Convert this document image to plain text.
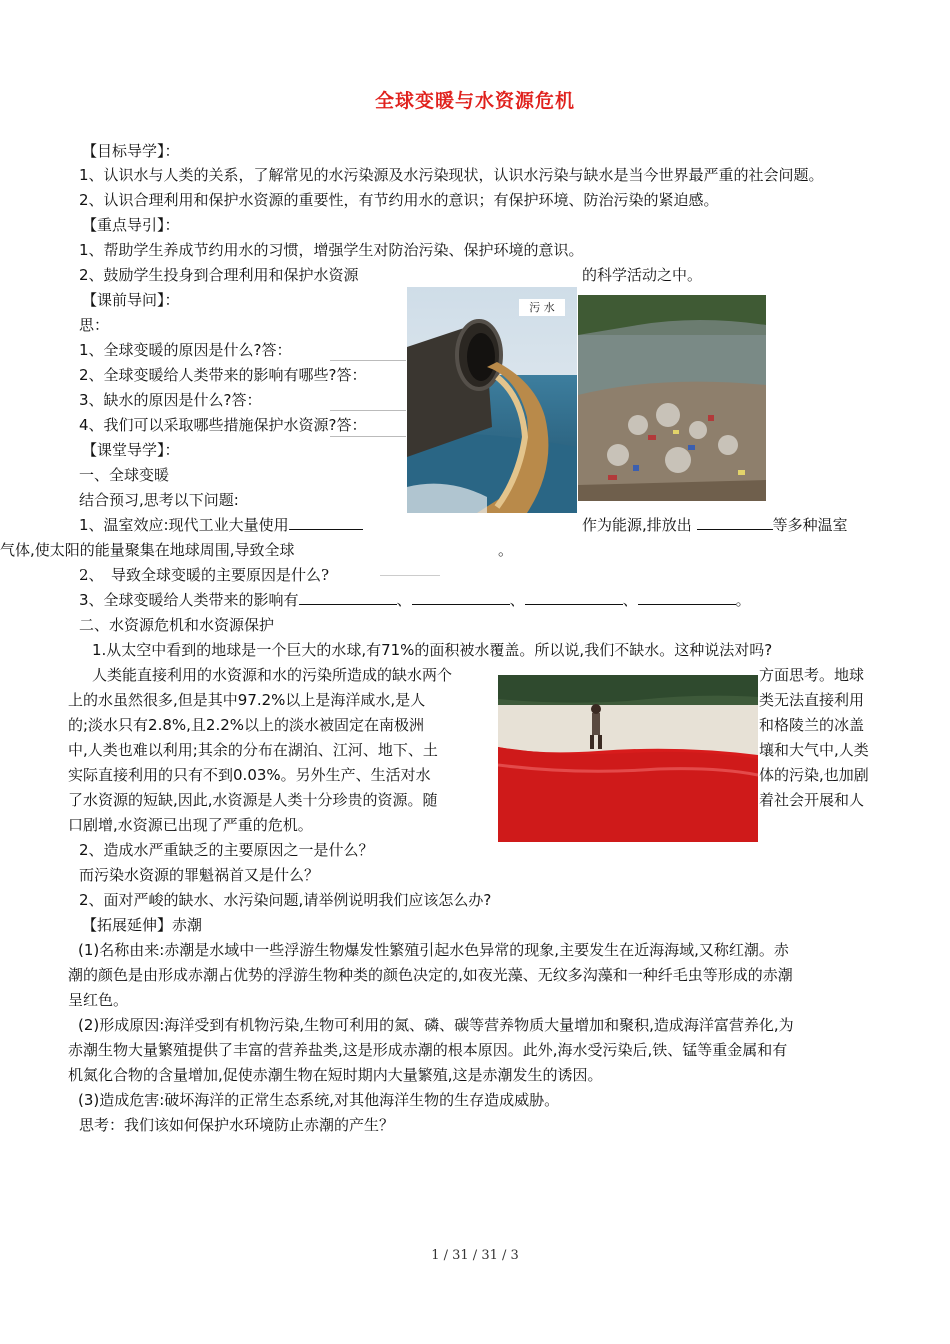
全球变暖与水资源危机
【目标导学】：
1、认识水与人类的关系，了解常见的水污染源及水污染现状，认识水污染与缺水是当今世界最严重的社会问题。
2、认识合理利用和保护水资源的重要性，有节约用水的意识；有保护环境、防治污染的紧迫感。
【重点导引】：
1、帮助学生养成节约用水的习惯，增强学生对防治污染、保护环境的意识。
2、鼓励学生投身到合理利用和保护水资源	的科学活动之中。
【课前导问】：
思：
1、全球变暖的原因是什么?答：
2、全球变暖给人类带来的影响有哪些?答：
3、缺水的原因是什么?答：
4、我们可以采取哪些措施保护水资源?答：
【课堂导学】：
一、全球变暖
结合预习,思考以下问题:
1、温室效应:现代工业大量使用	作为能源,排放出	等多种温室
气体,使太阳的能量聚集在地球周围,导致全球	。
2、　导致全球变暖的主要原因是什么?
3、全球变暖给人类带来的影响有	、	、	、	。
二、水资源危机和水资源保护
1.从太空中看到的地球是一个巨大的水球,有71%的面积被水覆盖。所以说,我们不缺水。这种说法对吗?
人类能直接利用的水资源和水的污染所造成的缺水两个	方面思考。地球
上的水虽然很多,但是其中97.2%以上是海洋咸水,是人	类无法直接利用
的;淡水只有2.8%,且2.2%以上的淡水被固定在南极洲	和格陵兰的冰盖
中,人类也难以利用;其余的分布在湖泊、江河、地下、土	壤和大气中,人类
实际直接利用的只有不到0.03%。另外生产、生活对水	体的污染,也加剧
了水资源的短缺,因此,水资源是人类十分珍贵的资源。随	着社会开展和人
口剧增,水资源已出现了严重的危机。
2、造成水严重缺乏的主要原因之一是什么？
而污染水资源的罪魁祸首又是什么？
2、面对严峻的缺水、水污染问题,请举例说明我们应该怎么办?
【拓展延伸】赤潮
(1)名称由来:赤潮是水域中一些浮游生物爆发性繁殖引起水色异常的现象,主要发生在近海海域,又称红潮。赤
潮的颜色是由形成赤潮占优势的浮游生物种类的颜色决定的,如夜光藻、无纹多沟藻和一种纤毛虫等形成的赤潮
呈红色。
(2)形成原因:海洋受到有机物污染,生物可利用的氮、磷、碳等营养物质大量增加和聚积,造成海洋富营养化,为
赤潮生物大量繁殖提供了丰富的营养盐类,这是形成赤潮的根本原因。此外,海水受污染后,铁、锰等重金属和有
机氮化合物的含量增加,促使赤潮生物在短时期内大量繁殖,这是赤潮发生的诱因。
(3)造成危害:破坏海洋的正常生态系统,对其他海洋生物的生存造成威胁。
思考：我们该如何保护水环境防止赤潮的产生？
污 水
1 / 31 / 31 / 3
